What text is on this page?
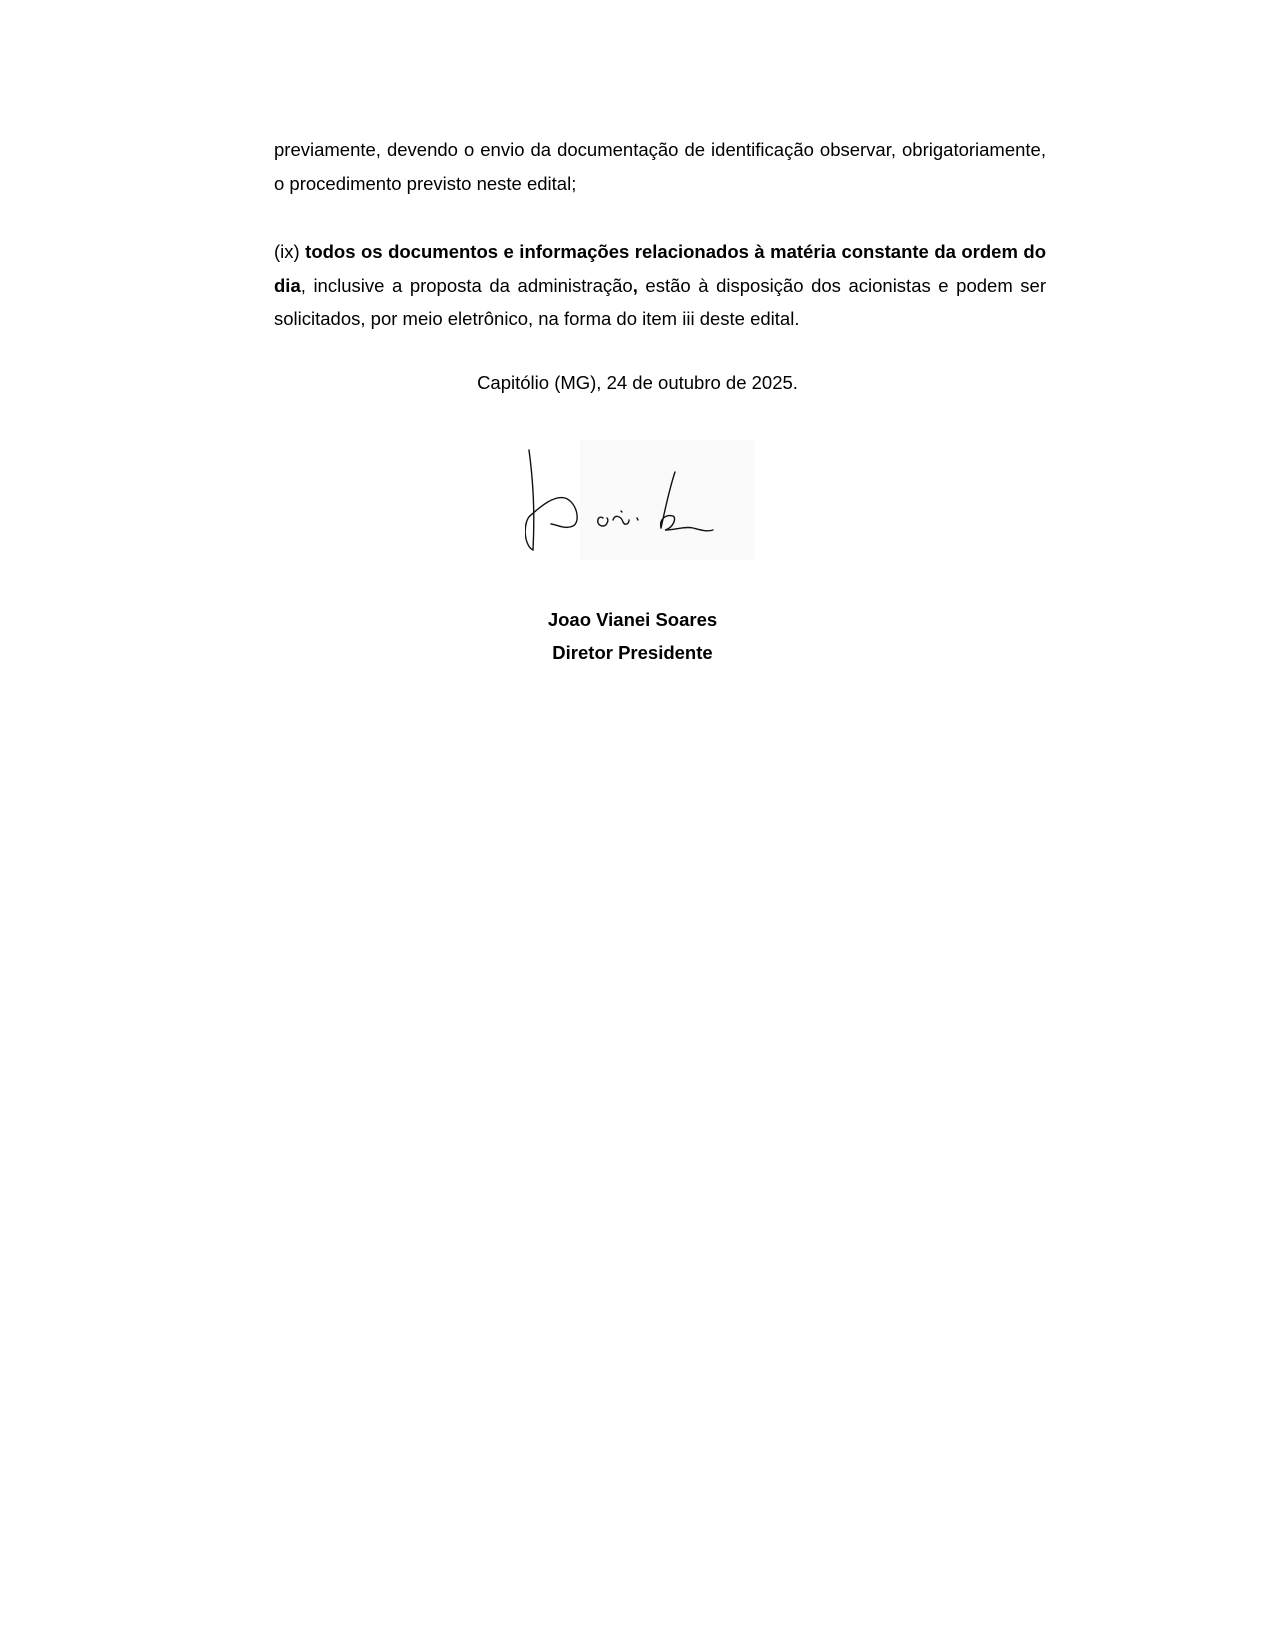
previamente, devendo o envio da documentação de identificação observar, obrigatoriamente, o procedimento previsto neste edital;

(ix) todos os documentos e informações relacionados à matéria constante da ordem do dia, inclusive a proposta da administração, estão à disposição dos acionistas e podem ser solicitados, por meio eletrônico, na forma do item iii deste edital.

Capitólio (MG), 24 de outubro de 2025.
Joao Vianei Soares
Diretor Presidente
